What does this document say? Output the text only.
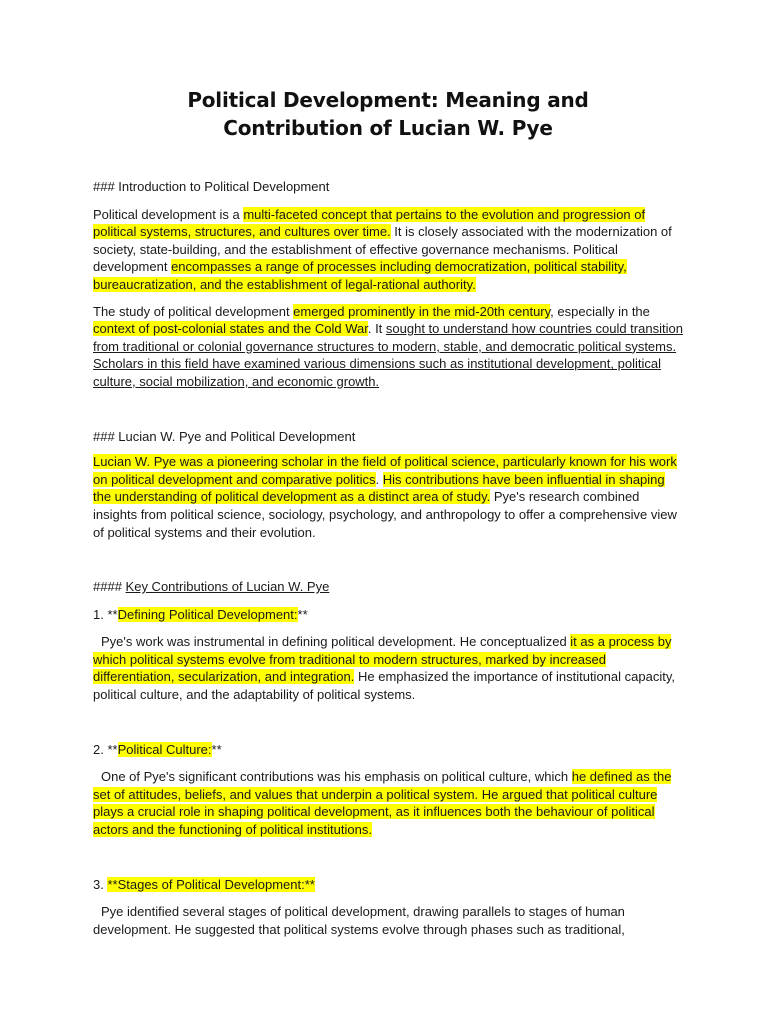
Political Development: Meaning and
Contribution of Lucian W. Pye

### Introduction to Political Development

Political development is a multi-faceted concept that pertains to the evolution and progression of political systems, structures, and cultures over time. It is closely associated with the modernization of society, state-building, and the establishment of effective governance mechanisms. Political development encompasses a range of processes including democratization, political stability, bureaucratization, and the establishment of legal-rational authority.

The study of political development emerged prominently in the mid-20th century, especially in the context of post-colonial states and the Cold War. It sought to understand how countries could transition from traditional or colonial governance structures to modern, stable, and democratic political systems. Scholars in this field have examined various dimensions such as institutional development, political culture, social mobilization, and economic growth.

### Lucian W. Pye and Political Development

Lucian W. Pye was a pioneering scholar in the field of political science, particularly known for his work on political development and comparative politics. His contributions have been influential in shaping the understanding of political development as a distinct area of study. Pye's research combined insights from political science, sociology, psychology, and anthropology to offer a comprehensive view of political systems and their evolution.

#### Key Contributions of Lucian W. Pye

1. **Defining Political Development:**

Pye's work was instrumental in defining political development. He conceptualized it as a process by which political systems evolve from traditional to modern structures, marked by increased differentiation, secularization, and integration. He emphasized the importance of institutional capacity, political culture, and the adaptability of political systems.

2. **Political Culture:**

One of Pye's significant contributions was his emphasis on political culture, which he defined as the set of attitudes, beliefs, and values that underpin a political system. He argued that political culture plays a crucial role in shaping political development, as it influences both the behaviour of political actors and the functioning of political institutions.

3. **Stages of Political Development:**

Pye identified several stages of political development, drawing parallels to stages of human development. He suggested that political systems evolve through phases such as traditional,
